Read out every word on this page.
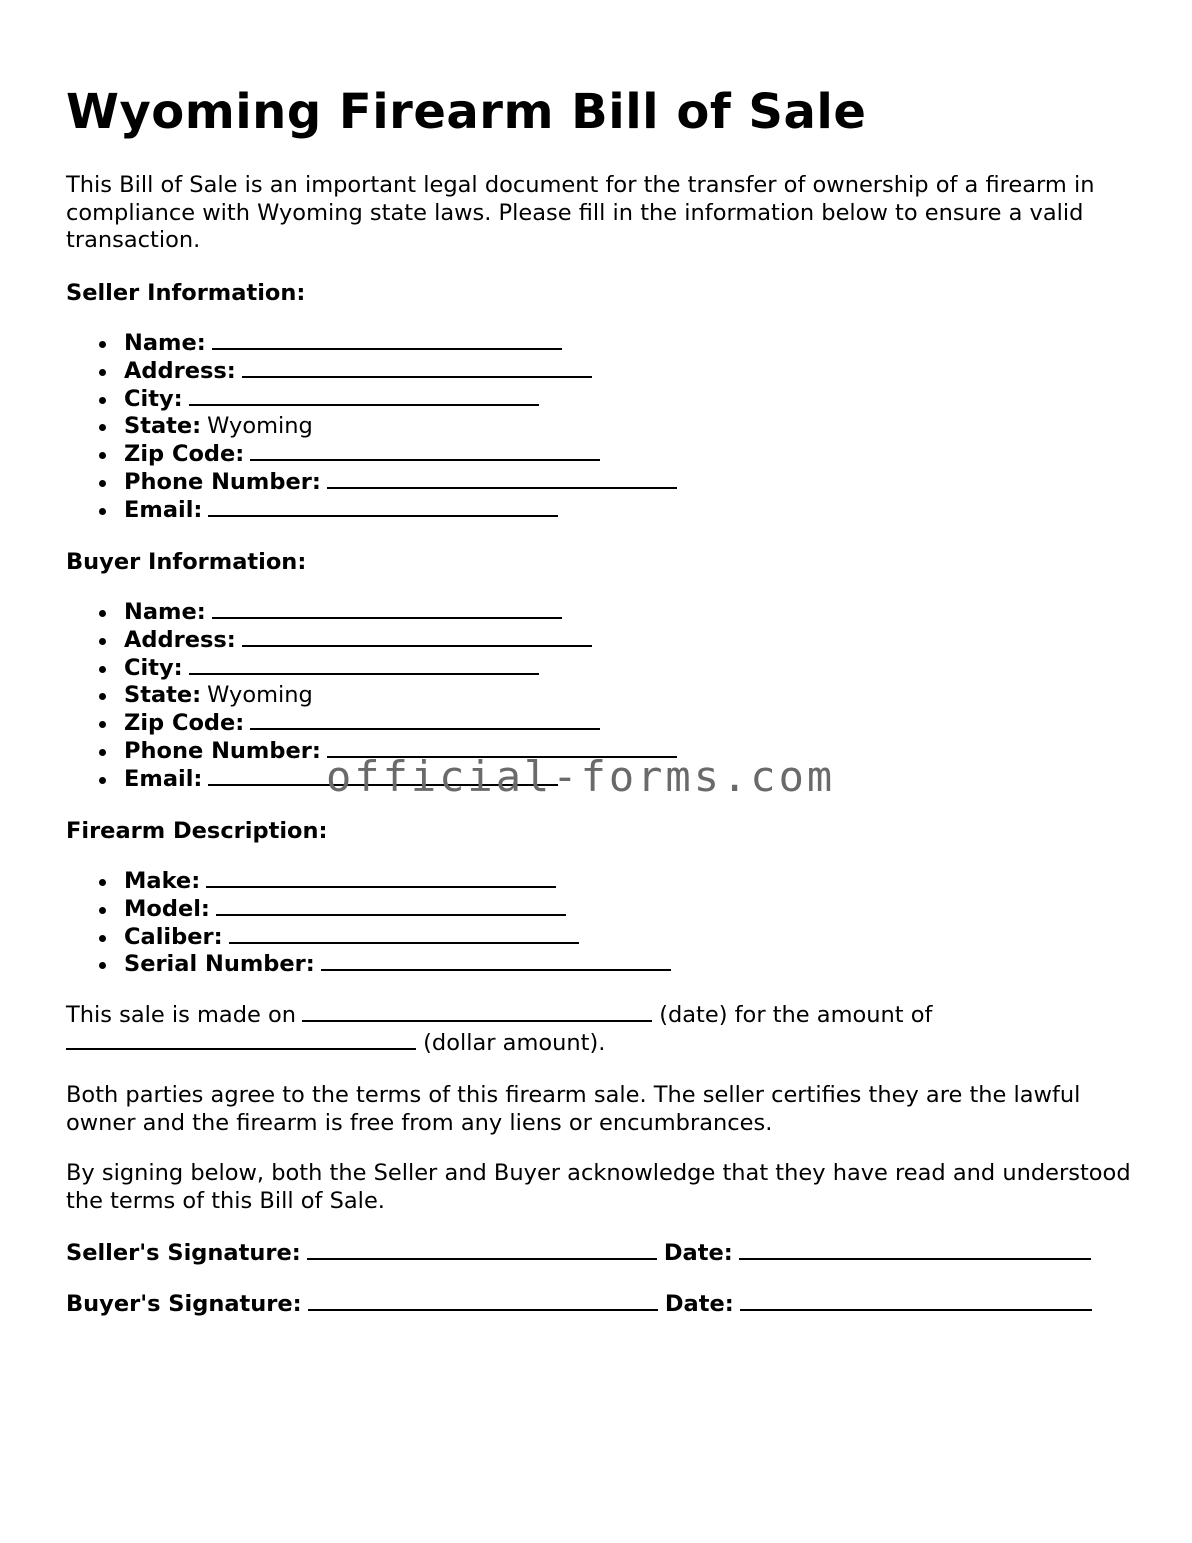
Wyoming Firearm Bill of Sale

This Bill of Sale is an important legal document for the transfer of ownership of a firearm in compliance with Wyoming state laws. Please fill in the information below to ensure a valid transaction.

Seller Information:
Name:
Address:
City:
State: Wyoming
Zip Code:
Phone Number:
Email:
Buyer Information:
Name:
Address:
City:
State: Wyoming
Zip Code:
Phone Number:
Email:
Firearm Description:
Make:
Model:
Caliber:
Serial Number:
This sale is made on	(date) for the amount of
(dollar amount).

Both parties agree to the terms of this firearm sale. The seller certifies they are the lawful owner and the firearm is free from any liens or encumbrances.

By signing below, both the Seller and Buyer acknowledge that they have read and understood the terms of this Bill of Sale.

Seller's Signature:	Date:
Buyer's Signature:	Date:
official-forms.com
